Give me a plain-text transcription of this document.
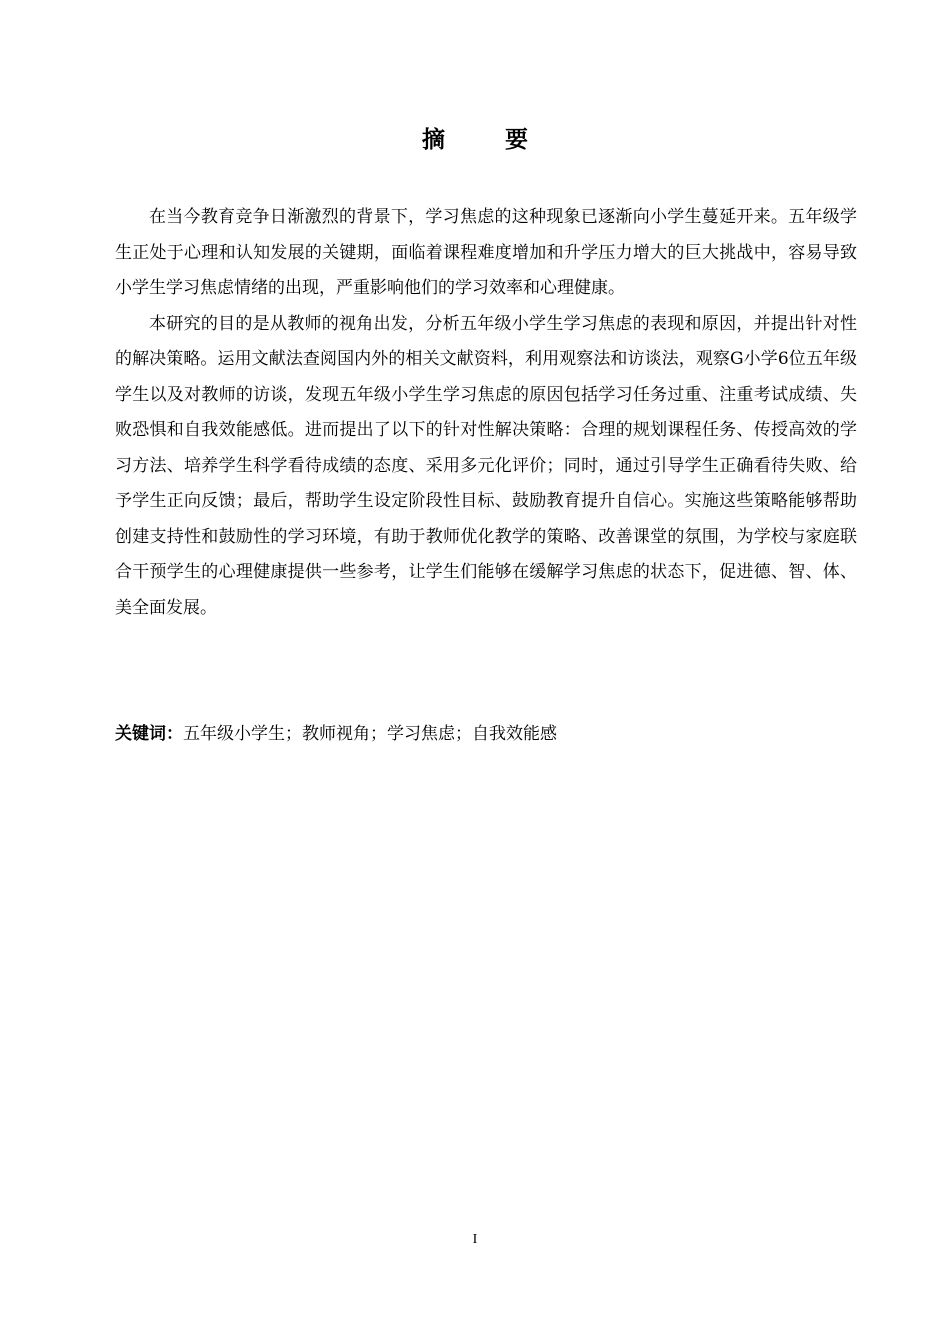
摘 要

在当今教育竞争日渐激烈的背景下，学习焦虑的这种现象已逐渐向小学生蔓延开来。五年级学生正处于心理和认知发展的关键期，面临着课程难度增加和升学压力增大的巨大挑战中，容易导致小学生学习焦虑情绪的出现，严重影响他们的学习效率和心理健康。

本研究的目的是从教师的视角出发，分析五年级小学生学习焦虑的表现和原因，并提出针对性的解决策略。运用文献法查阅国内外的相关文献资料，利用观察法和访谈法，观察G小学6位五年级学生以及对教师的访谈，发现五年级小学生学习焦虑的原因包括学习任务过重、注重考试成绩、失败恐惧和自我效能感低。进而提出了以下的针对性解决策略：合理的规划课程任务、传授高效的学习方法、培养学生科学看待成绩的态度、采用多元化评价；同时，通过引导学生正确看待失败、给予学生正向反馈；最后，帮助学生设定阶段性目标、鼓励教育提升自信心。实施这些策略能够帮助创建支持性和鼓励性的学习环境，有助于教师优化教学的策略、改善课堂的氛围，为学校与家庭联合干预学生的心理健康提供一些参考，让学生们能够在缓解学习焦虑的状态下，促进德、智、体、美全面发展。

关键词：五年级小学生；教师视角；学习焦虑；自我效能感
I
